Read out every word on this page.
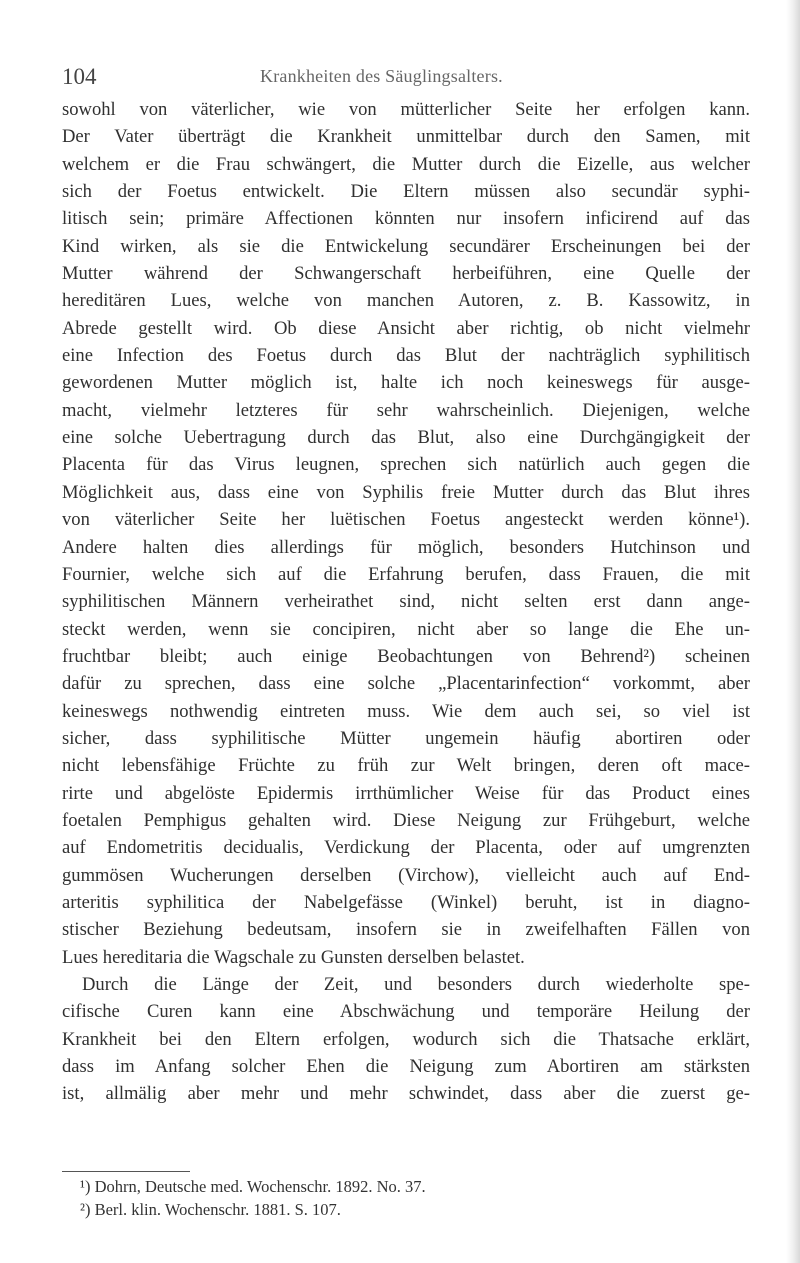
104	Krankheiten des Säuglingsalters.
sowohl von väterlicher, wie von mütterlicher Seite her erfolgen kann.
Der Vater überträgt die Krankheit unmittelbar durch den Samen, mit
welchem er die Frau schwängert, die Mutter durch die Eizelle, aus welcher
sich der Foetus entwickelt. Die Eltern müssen also secundär syphi-
litisch sein; primäre Affectionen könnten nur insofern inficirend auf das
Kind wirken, als sie die Entwickelung secundärer Erscheinungen bei der
Mutter während der Schwangerschaft herbeiführen, eine Quelle der
hereditären Lues, welche von manchen Autoren, z. B. Kassowitz, in
Abrede gestellt wird. Ob diese Ansicht aber richtig, ob nicht vielmehr
eine Infection des Foetus durch das Blut der nachträglich syphilitisch
gewordenen Mutter möglich ist, halte ich noch keineswegs für ausge-
macht, vielmehr letzteres für sehr wahrscheinlich. Diejenigen, welche
eine solche Uebertragung durch das Blut, also eine Durchgängigkeit der
Placenta für das Virus leugnen, sprechen sich natürlich auch gegen die
Möglichkeit aus, dass eine von Syphilis freie Mutter durch das Blut ihres
von väterlicher Seite her luëtischen Foetus angesteckt werden könne¹).
Andere halten dies allerdings für möglich, besonders Hutchinson und
Fournier, welche sich auf die Erfahrung berufen, dass Frauen, die mit
syphilitischen Männern verheirathet sind, nicht selten erst dann ange-
steckt werden, wenn sie concipiren, nicht aber so lange die Ehe un-
fruchtbar bleibt; auch einige Beobachtungen von Behrend²) scheinen
dafür zu sprechen, dass eine solche „Placentarinfection“ vorkommt, aber
keineswegs nothwendig eintreten muss. Wie dem auch sei, so viel ist
sicher, dass syphilitische Mütter ungemein häufig abortiren oder
nicht lebensfähige Früchte zu früh zur Welt bringen, deren oft mace-
rirte und abgelöste Epidermis irrthümlicher Weise für das Product eines
foetalen Pemphigus gehalten wird. Diese Neigung zur Frühgeburt, welche
auf Endometritis decidualis, Verdickung der Placenta, oder auf umgrenzten
gummösen Wucherungen derselben (Virchow), vielleicht auch auf End-
arteritis syphilitica der Nabelgefässe (Winkel) beruht, ist in diagno-
stischer Beziehung bedeutsam, insofern sie in zweifelhaften Fällen von
Lues hereditaria die Wagschale zu Gunsten derselben belastet.
Durch die Länge der Zeit, und besonders durch wiederholte spe-
cifische Curen kann eine Abschwächung und temporäre Heilung der
Krankheit bei den Eltern erfolgen, wodurch sich die Thatsache erklärt,
dass im Anfang solcher Ehen die Neigung zum Abortiren am stärksten
ist, allmälig aber mehr und mehr schwindet, dass aber die zuerst ge-
¹) Dohrn, Deutsche med. Wochenschr. 1892. No. 37.
²) Berl. klin. Wochenschr. 1881. S. 107.
